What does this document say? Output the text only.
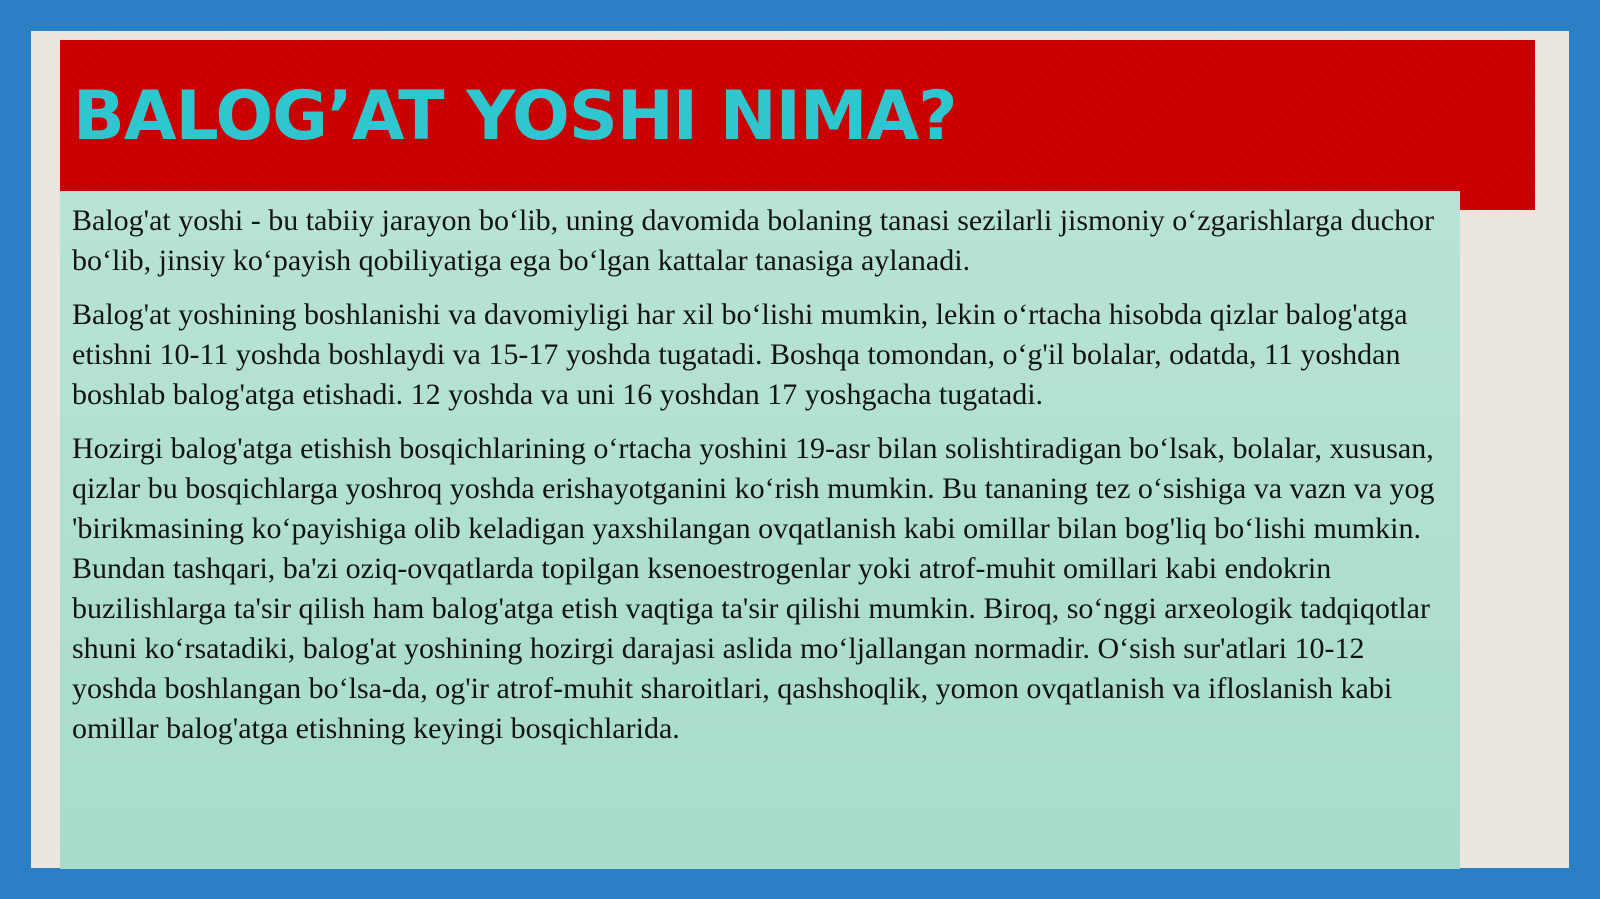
BALOG’AT YOSHI NIMA?

Balog'at yoshi - bu tabiiy jarayon bo‘lib, uning davomida bolaning tanasi sezilarli jismoniy o‘zgarishlarga duchor bo‘lib, jinsiy ko‘payish qobiliyatiga ega bo‘lgan kattalar tanasiga aylanadi.

Balog'at yoshining boshlanishi va davomiyligi har xil bo‘lishi mumkin, lekin o‘rtacha hisobda qizlar balog'atga etishni 10-11 yoshda boshlaydi va 15-17 yoshda tugatadi. Boshqa tomondan, o‘g'il bolalar, odatda, 11 yoshdan boshlab balog'atga etishadi. 12 yoshda va uni 16 yoshdan 17 yoshgacha tugatadi.

Hozirgi balog'atga etishish bosqichlarining o‘rtacha yoshini 19-asr bilan solishtiradigan bo‘lsak, bolalar, xususan, qizlar bu bosqichlarga yoshroq yoshda erishayotganini ko‘rish mumkin. Bu tananing tez o‘sishiga va vazn va yog 'birikmasining ko‘payishiga olib keladigan yaxshilangan ovqatlanish kabi omillar bilan bog'liq bo‘lishi mumkin. Bundan tashqari, ba'zi oziq-ovqatlarda topilgan ksenoestrogenlar yoki atrof-muhit omillari kabi endokrin buzilishlarga ta'sir qilish ham balog'atga etish vaqtiga ta'sir qilishi mumkin. Biroq, so‘nggi arxeologik tadqiqotlar shuni ko‘rsatadiki, balog'at yoshining hozirgi darajasi aslida mo‘ljallangan normadir. O‘sish sur'atlari 10-12 yoshda boshlangan bo‘lsa-da, og'ir atrof-muhit sharoitlari, qashshoqlik, yomon ovqatlanish va ifloslanish kabi omillar balog'atga etishning keyingi bosqichlarida.
